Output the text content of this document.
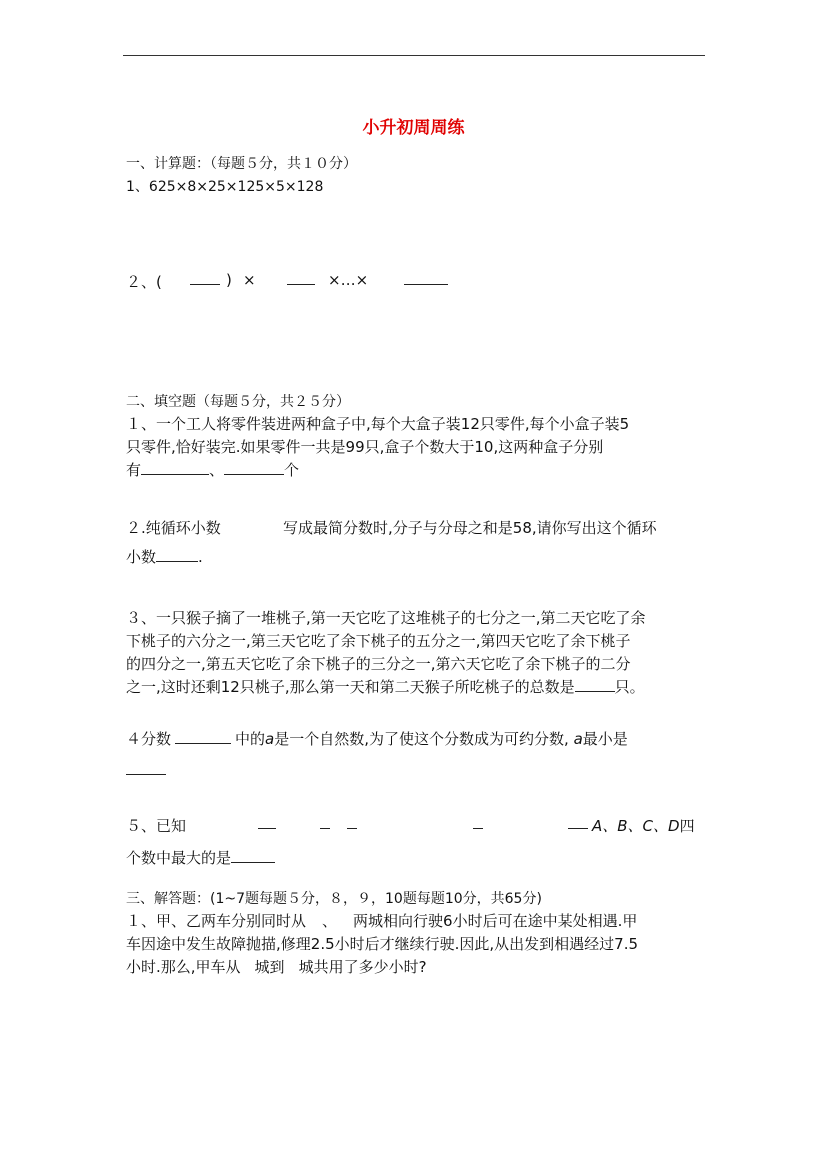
小升初周周练
一、计算题：（每题５分，共１０分）
1、625×8×25×125×5×128
２、(	) ×	×…×
二、填空题（每题５分，共２５分）
１、一个工人将零件装进两种盒子中,每个大盒子装12只零件,每个小盒子装5
只零件,恰好装完.如果零件一共是99只,盒子个数大于10,这两种盒子分别
有	、	个
２.纯循环小数	写成最简分数时,分子与分母之和是58,请你写出这个循环
小数	.
３、一只猴子摘了一堆桃子,第一天它吃了这堆桃子的七分之一,第二天它吃了余
下桃子的六分之一,第三天它吃了余下桃子的五分之一,第四天它吃了余下桃子
的四分之一,第五天它吃了余下桃子的三分之一,第六天它吃了余下桃子的二分
之一,这时还剩12只桃子,那么第一天和第二天猴子所吃桃子的总数是	只。
４分数	中的a是一个自然数,为了使这个分数成为可约分数, a最小是
５、已知	A、B、C、D四
个数中最大的是
三、解答题：(1~7题每题５分，８，９，10题每题10分，共65分)
１、甲、乙两车分别同时从 、 两城相向行驶6小时后可在途中某处相遇.甲
车因途中发生故障抛描,修理2.5小时后才继续行驶.因此,从出发到相遇经过7.5
小时.那么,甲车从 城到 城共用了多少小时?
